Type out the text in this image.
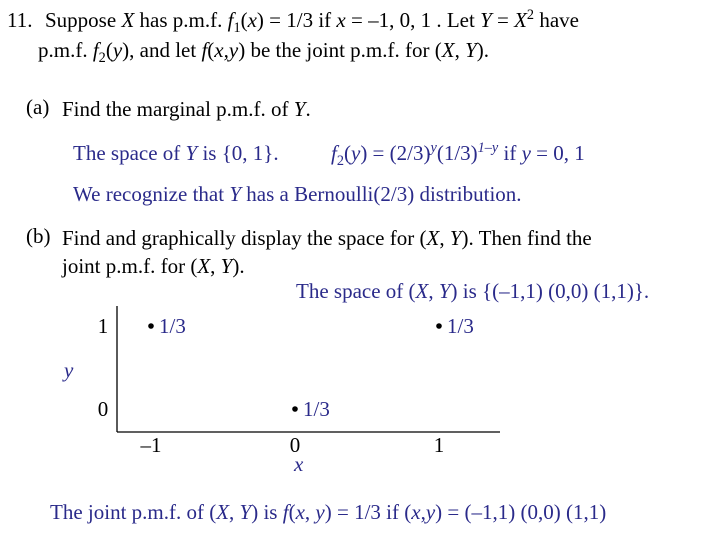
11. Suppose X has p.m.f. $f_1(x) = 1/3$ if x = –1, 0, 1 . Let $Y = X^2$ have
p.m.f. $f_2(y)$, and let f(x,y) be the joint p.m.f. for (X, Y).
(a) Find the marginal p.m.f. of Y.
The space of Y is {0, 1}. $f_2(y) = (2/3)^y(1/3)^{1-y}$ if y = 0, 1
We recognize that Y has a Bernoulli(2/3) distribution.
(b) Find and graphically display the space for (X, Y). Then find the
joint p.m.f. for (X, Y).
The space of (X, Y) is {(–1,1) (0,0) (1,1)}.
–1	0	1
0
1 1/3	1/3
1/3
y
x
The joint p.m.f. of (X, Y) is f(x, y) = 1/3 if (x,y) = (–1,1) (0,0) (1,1)
